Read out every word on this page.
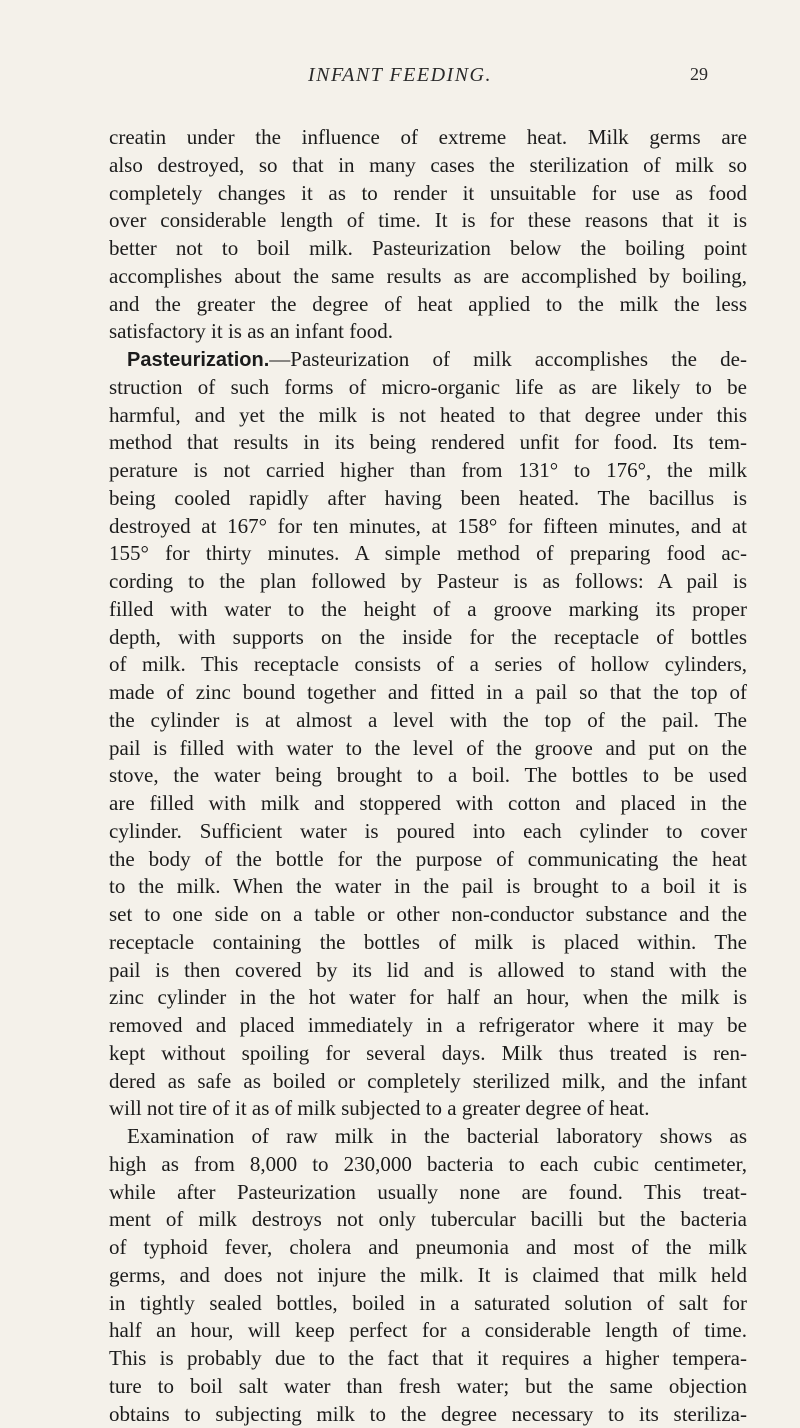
INFANT FEEDING.	29
creatin under the influence of extreme heat. Milk germs are
also destroyed, so that in many cases the sterilization of milk so
completely changes it as to render it unsuitable for use as food
over considerable length of time. It is for these reasons that it is
better not to boil milk. Pasteurization below the boiling point
accomplishes about the same results as are accomplished by boiling,
and the greater the degree of heat applied to the milk the less
satisfactory it is as an infant food.
Pasteurization.—Pasteurization of milk accomplishes the de-
struction of such forms of micro-organic life as are likely to be
harmful, and yet the milk is not heated to that degree under this
method that results in its being rendered unfit for food. Its tem-
perature is not carried higher than from 131° to 176°, the milk
being cooled rapidly after having been heated. The bacillus is
destroyed at 167° for ten minutes, at 158° for fifteen minutes, and at
155° for thirty minutes. A simple method of preparing food ac-
cording to the plan followed by Pasteur is as follows: A pail is
filled with water to the height of a groove marking its proper
depth, with supports on the inside for the receptacle of bottles
of milk. This receptacle consists of a series of hollow cylinders,
made of zinc bound together and fitted in a pail so that the top of
the cylinder is at almost a level with the top of the pail. The
pail is filled with water to the level of the groove and put on the
stove, the water being brought to a boil. The bottles to be used
are filled with milk and stoppered with cotton and placed in the
cylinder. Sufficient water is poured into each cylinder to cover
the body of the bottle for the purpose of communicating the heat
to the milk. When the water in the pail is brought to a boil it is
set to one side on a table or other non-conductor substance and the
receptacle containing the bottles of milk is placed within. The
pail is then covered by its lid and is allowed to stand with the
zinc cylinder in the hot water for half an hour, when the milk is
removed and placed immediately in a refrigerator where it may be
kept without spoiling for several days. Milk thus treated is ren-
dered as safe as boiled or completely sterilized milk, and the infant
will not tire of it as of milk subjected to a greater degree of heat.
Examination of raw milk in the bacterial laboratory shows as
high as from 8,000 to 230,000 bacteria to each cubic centimeter,
while after Pasteurization usually none are found. This treat-
ment of milk destroys not only tubercular bacilli but the bacteria
of typhoid fever, cholera and pneumonia and most of the milk
germs, and does not injure the milk. It is claimed that milk held
in tightly sealed bottles, boiled in a saturated solution of salt for
half an hour, will keep perfect for a considerable length of time.
This is probably due to the fact that it requires a higher tempera-
ture to boil salt water than fresh water; but the same objection
obtains to subjecting milk to the degree necessary to its steriliza-
